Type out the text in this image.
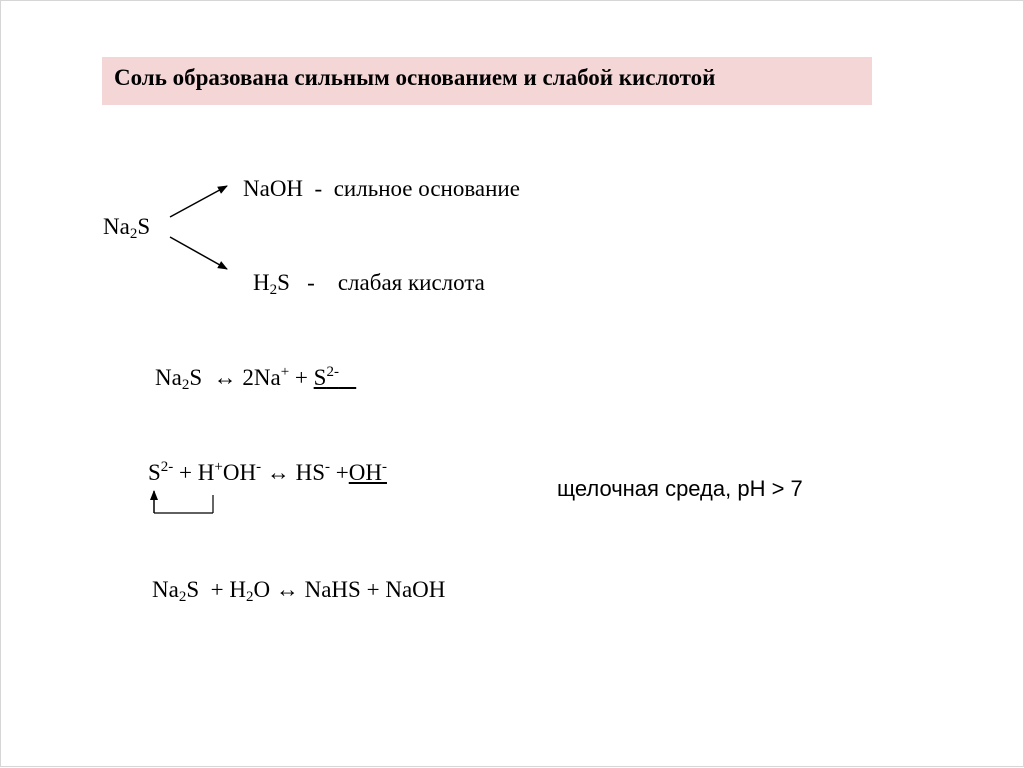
Соль образована сильным основанием и слабой кислотой
$Na_2S$
NaOH - сильное основание
$H_2S$ - слабая кислота
$Na_2S$ ↔ $2Na^+ + S^{2-}$
$S^{2-} + H^+OH^-$ ↔ HS- +OH-
щелочная среда, pH > 7
$Na_2S + H_2O$ ↔ NaHS + NaOH
